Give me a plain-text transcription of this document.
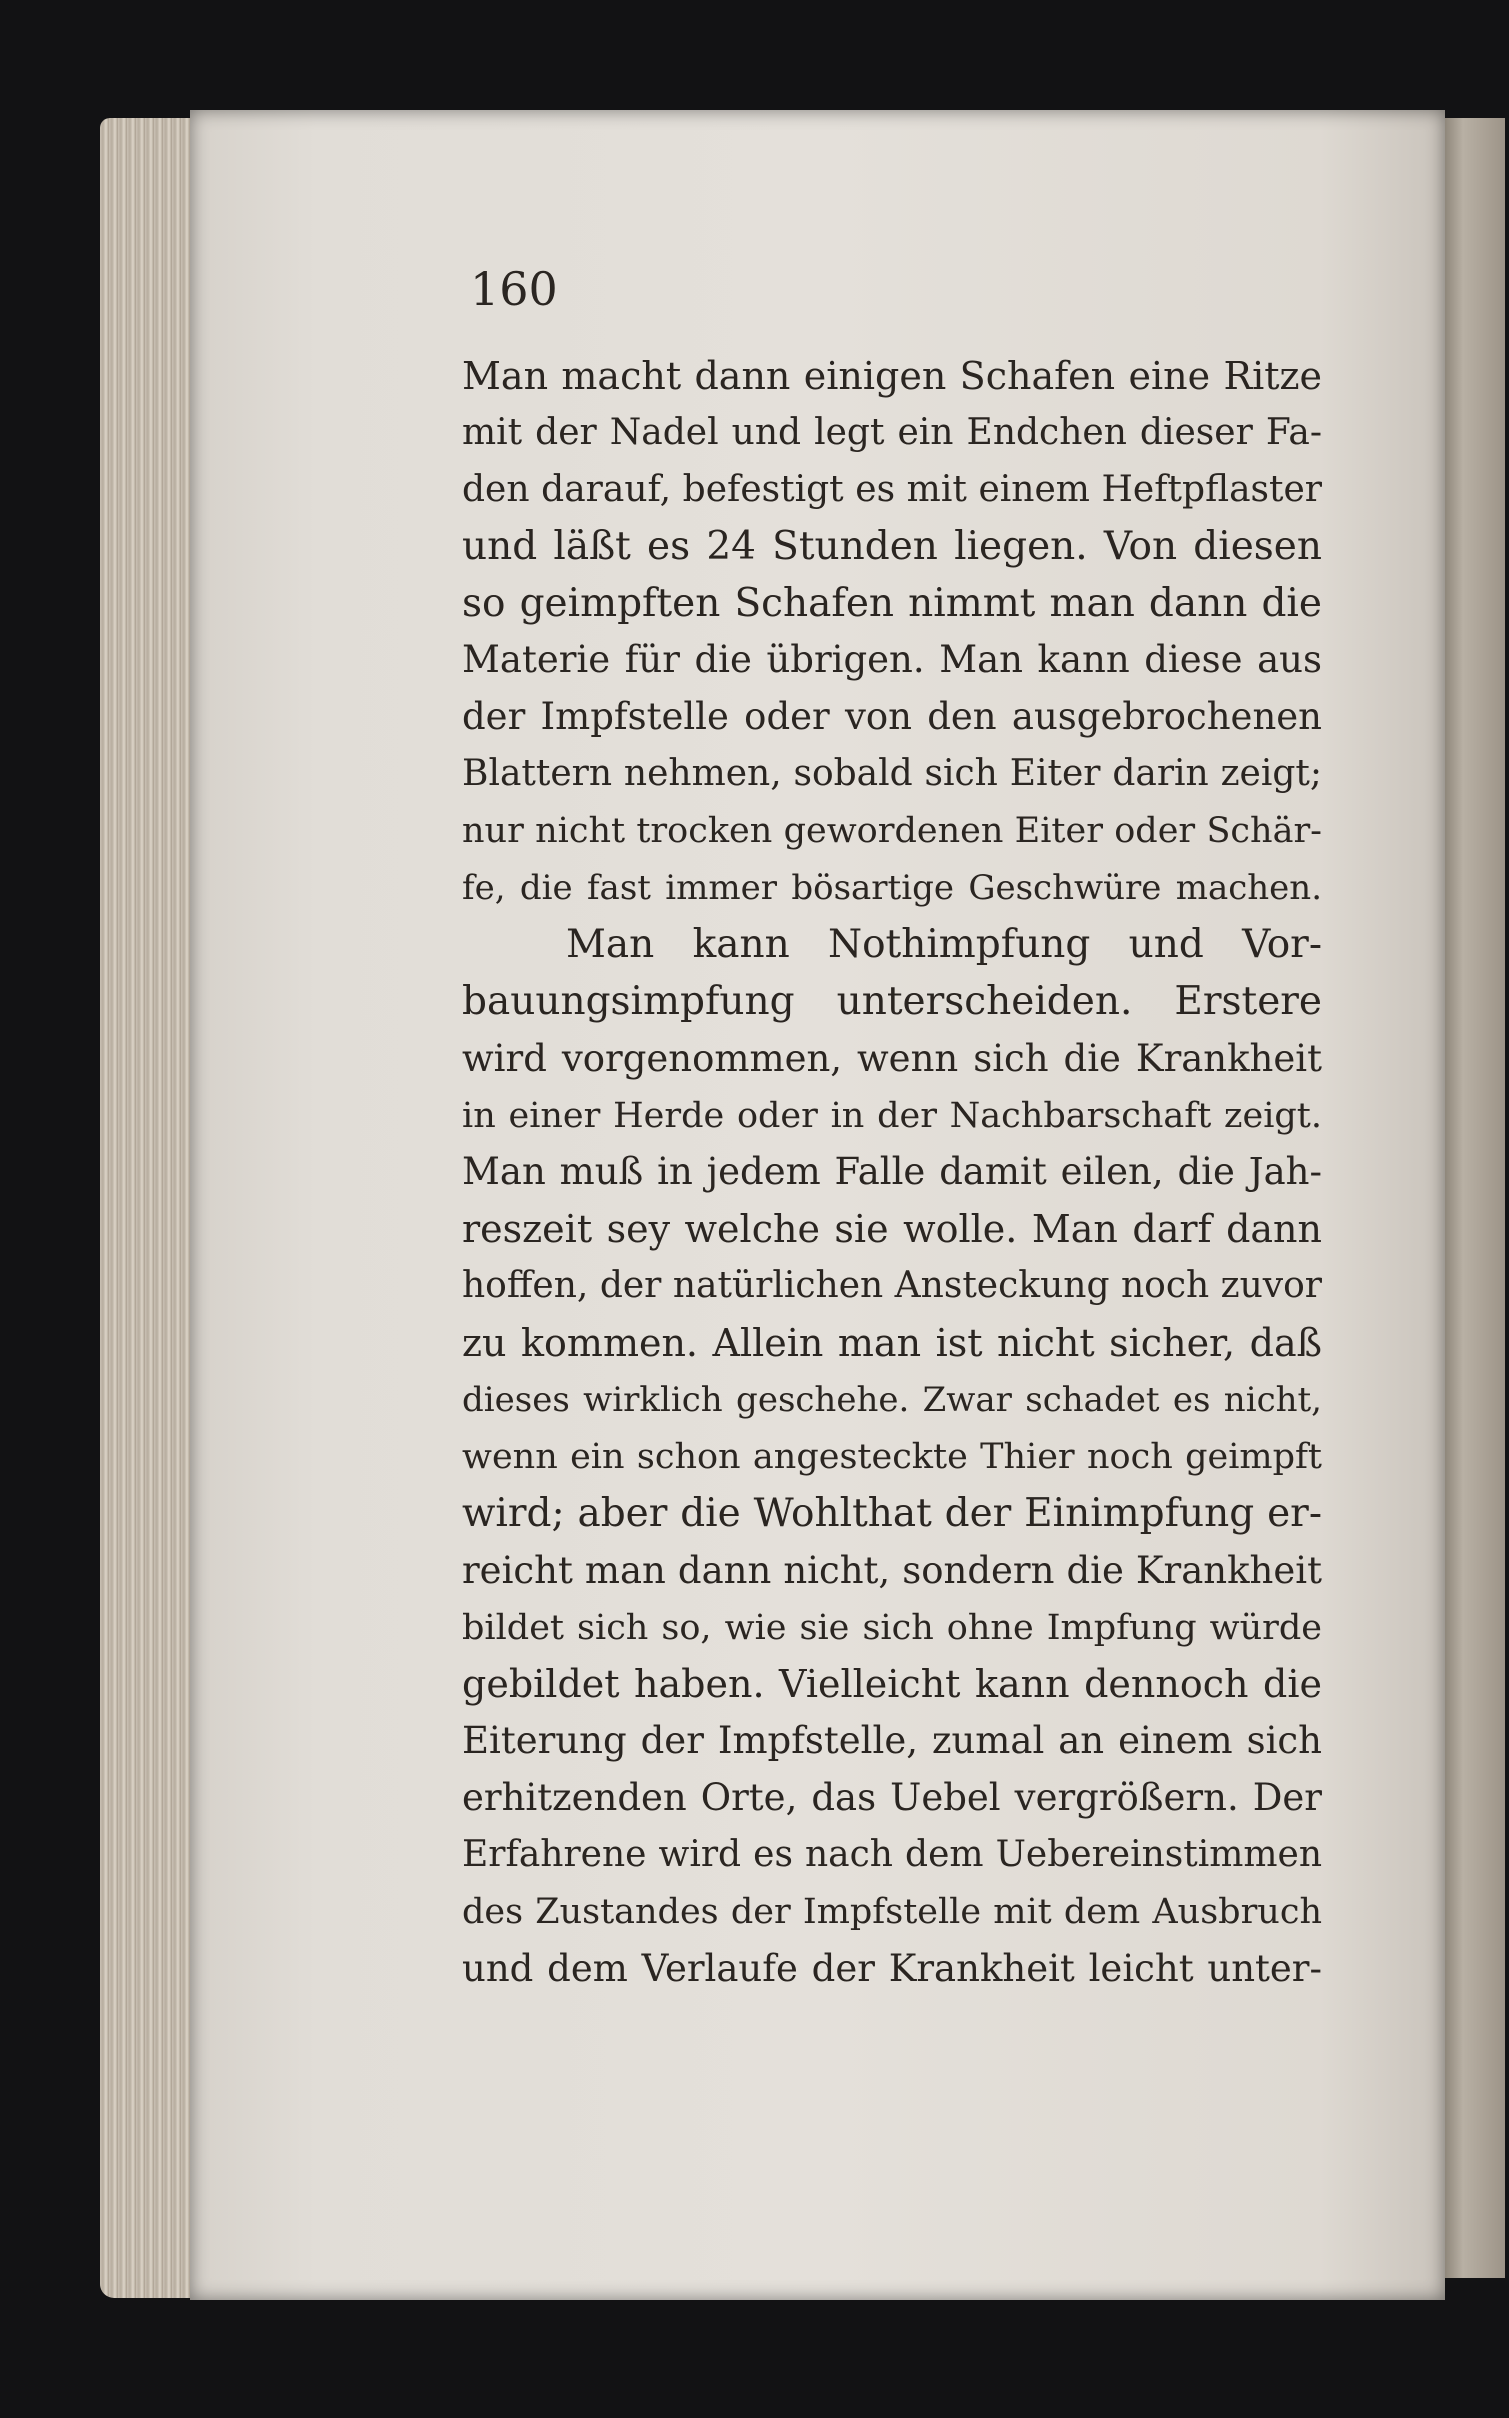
160

Man macht dann einigen Schafen eine Ritze
mit der Nadel und legt ein Endchen dieser Fa-
den darauf, befestigt es mit einem Heftpflaster
und läßt es 24 Stunden liegen. Von diesen
so geimpften Schafen nimmt man dann die
Materie für die übrigen. Man kann diese aus
der Impfstelle oder von den ausgebrochenen
Blattern nehmen, sobald sich Eiter darin zeigt;
nur nicht trocken gewordenen Eiter oder Schär-
fe, die fast immer bösartige Geschwüre machen.
Man kann Nothimpfung und Vor-
bauungsimpfung unterscheiden. Erstere
wird vorgenommen, wenn sich die Krankheit
in einer Herde oder in der Nachbarschaft zeigt.
Man muß in jedem Falle damit eilen, die Jah-
reszeit sey welche sie wolle. Man darf dann
hoffen, der natürlichen Ansteckung noch zuvor
zu kommen. Allein man ist nicht sicher, daß
dieses wirklich geschehe. Zwar schadet es nicht,
wenn ein schon angesteckte Thier noch geimpft
wird; aber die Wohlthat der Einimpfung er-
reicht man dann nicht, sondern die Krankheit
bildet sich so, wie sie sich ohne Impfung würde
gebildet haben. Vielleicht kann dennoch die
Eiterung der Impfstelle, zumal an einem sich
erhitzenden Orte, das Uebel vergrößern. Der
Erfahrene wird es nach dem Uebereinstimmen
des Zustandes der Impfstelle mit dem Ausbruch
und dem Verlaufe der Krankheit leicht unter-
